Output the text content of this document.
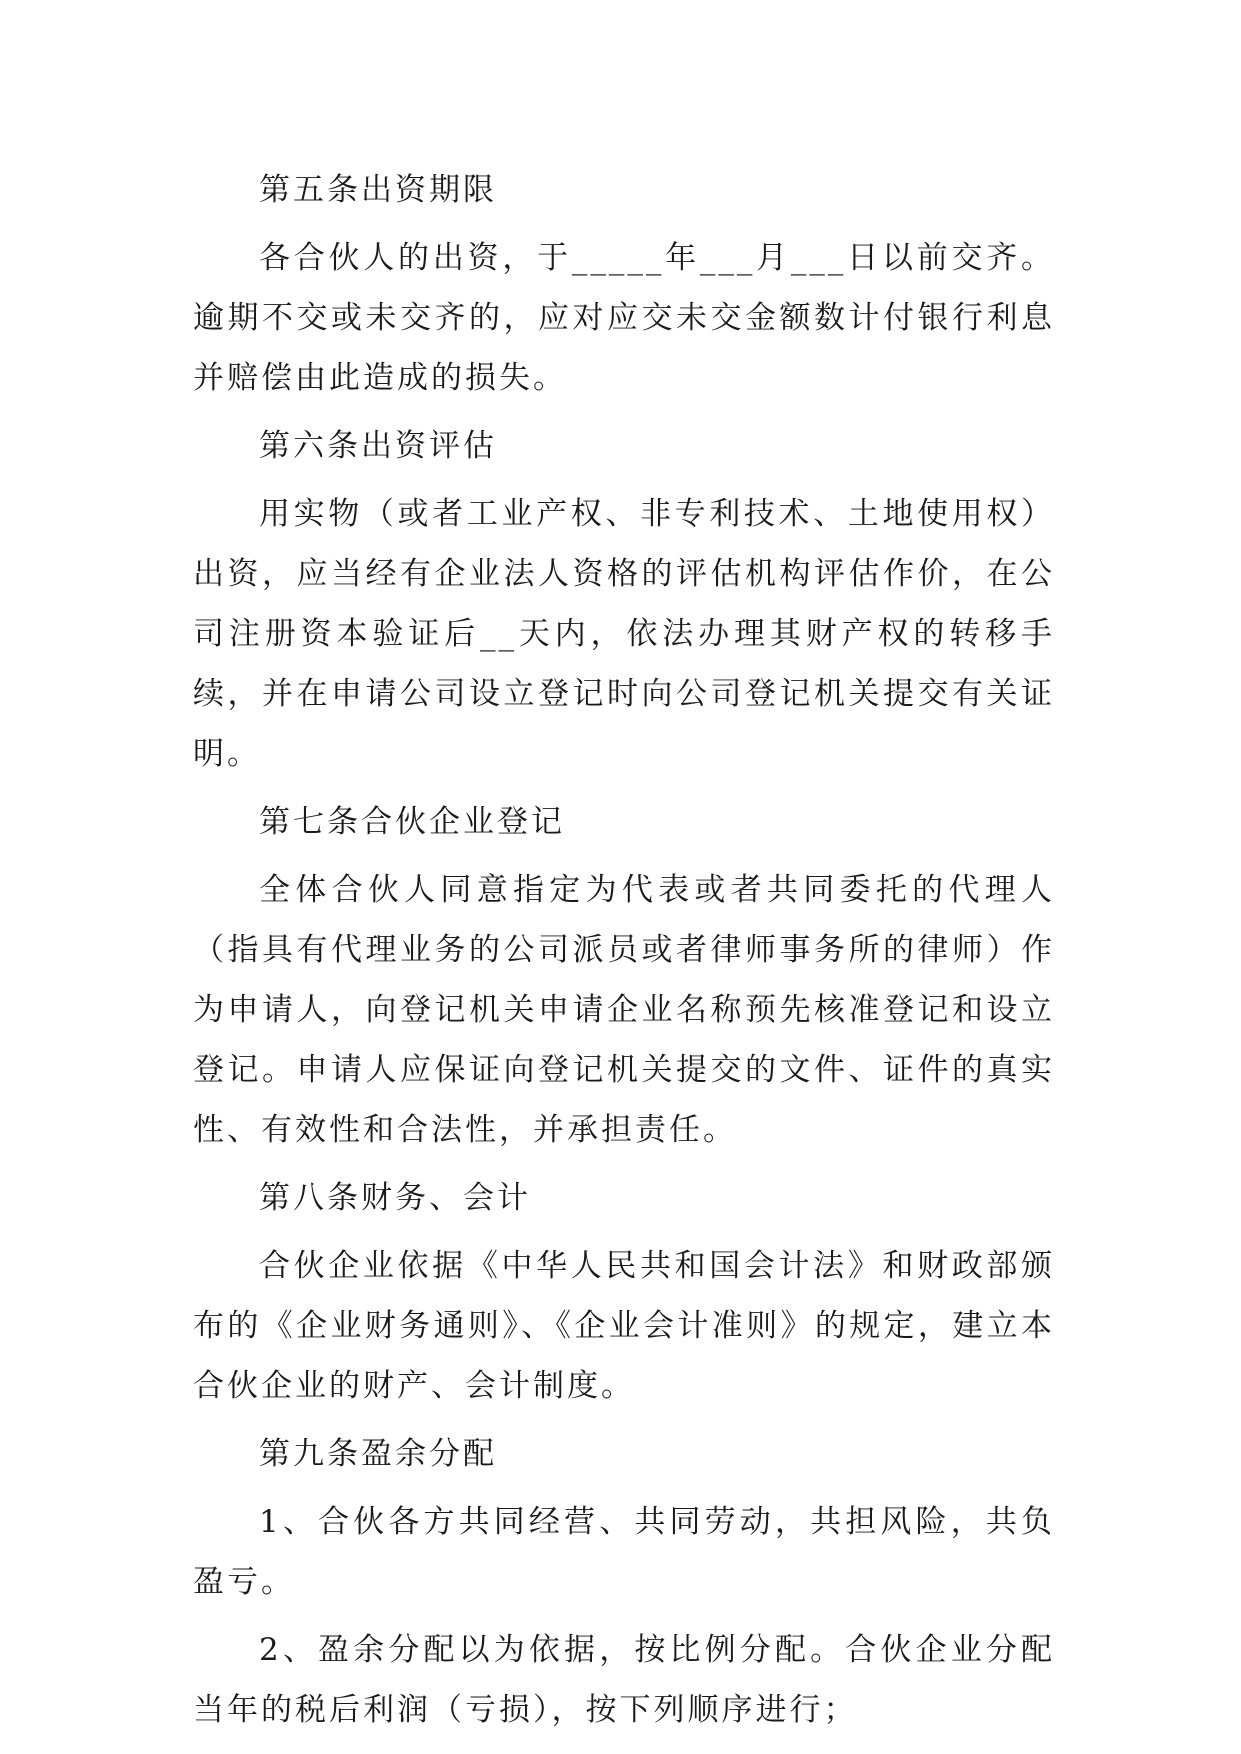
第五条出资期限

各合伙人的出资，于_____年___月___日以前交齐。逾期不交或未交齐的，应对应交未交金额数计付银行利息并赔偿由此造成的损失。

第六条出资评估

用实物（或者工业产权、非专利技术、土地使用权）出资，应当经有企业法人资格的评估机构评估作价，在公司注册资本验证后__天内，依法办理其财产权的转移手续，并在申请公司设立登记时向公司登记机关提交有关证明。

第七条合伙企业登记

全体合伙人同意指定为代表或者共同委托的代理人（指具有代理业务的公司派员或者律师事务所的律师）作为申请人，向登记机关申请企业名称预先核准登记和设立登记。申请人应保证向登记机关提交的文件、证件的真实性、有效性和合法性，并承担责任。

第八条财务、会计

合伙企业依据《中华人民共和国会计法》和财政部颁布的《企业财务通则》、《企业会计准则》的规定，建立本合伙企业的财产、会计制度。

第九条盈余分配

1、合伙各方共同经营、共同劳动，共担风险，共负盈亏。

2、盈余分配以为依据，按比例分配。合伙企业分配当年的税后利润（亏损），按下列顺序进行；
